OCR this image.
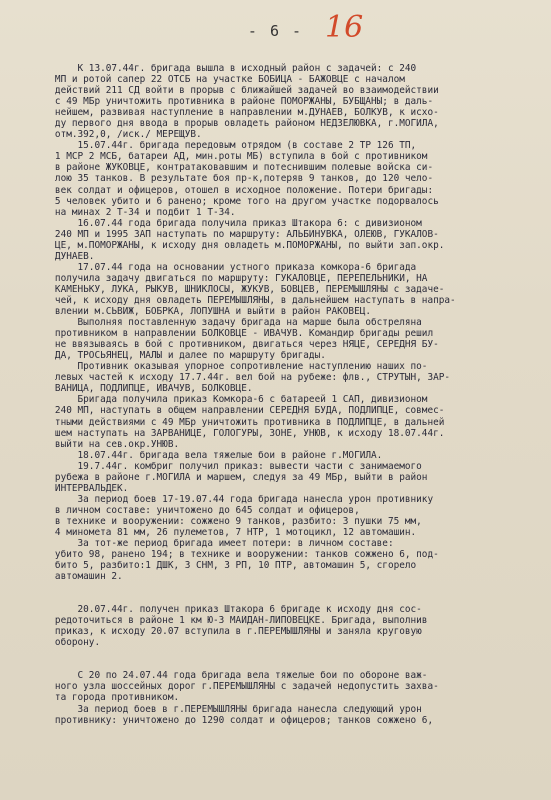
- 6 - 16
К 13.07.44г. бригада вышла в исходный район с задачей: с 240
МП и ротой сапер 22 ОТСБ на участке БОБИЦА - БАЖОВЦЕ с началом
действий 211 СД войти в прорыв с ближайшей задачей во взаимодействии
с 49 МБр уничтожить противника в районе ПОМОРЖАНЫ, БУБЩАНЫ; в даль-
нейшем, развивая наступление в направлении м.ДУНАЕВ, БОЛКУВ, к исхо-
ду первого дня ввода в прорыв овладеть районом НЕДЗЕЛЮВКА, г.МОГИЛА,
отм.392,0, /иск./ МЕРЕЩУВ.
15.07.44г. бригада передовым отрядом (в составе 2 ТР 126 ТП,
1 МСР 2 МСБ, батареи АД, мин.роты МБ) вступила в бой с противником
в районе ЖУКОВЦЕ, контратаковавшим и потеснившим полевые войска си-
лою 35 танков. В результате боя пр-к,потеряв 9 танков, до 120 чело-
век солдат и офицеров, отошел в исходное положение. Потери бригады:
5 человек убито и 6 ранено; кроме того на другом участке подорвалось
на минах 2 Т-34 и подбит 1 Т-34.
16.07.44 года бригада получила приказ Штакора 6: с дивизионом
240 МП и 1995 ЗАП наступать по маршруту: АЛЬБИНУВКА, ОЛЕЮВ, ГУКАЛОВ-
ЦЕ, м.ПОМОРЖАНЫ, к исходу дня овладеть м.ПОМОРЖАНЫ, по выйти зап.окр.
ДУНАЕВ.
17.07.44 года на основании устного приказа комкора-6 бригада
получила задачу двигаться по маршруту: ГУКАЛОВЦЕ, ПЕРЕПЕЛЬНИКИ, НА
КАМЕНЬКУ, ЛУКА, РЫКУВ, ШНИКЛОСЫ, ЖУКУВ, БОВЦЕВ, ПЕРЕМЫШЛЯНЫ с задаче-
чей, к исходу дня овладеть ПЕРЕМЫШЛЯНЫ, в дальнейшем наступать в напра-
влении м.СЬВИЖ, БОБРКА, ЛОПУШНА и выйти в район РАКОВЕЦ.
Выполняя поставленную задачу бригада на марше была обстреляна
противником в направлении БОЛКОВЦЕ - ИВАЧУВ. Командир бригады решил
не ввязываясь в бой с противником, двигаться через НЯЦЕ, СЕРЕДНЯ БУ-
ДА, ТРОСЬЯНЕЦ, МАЛЫ и далее по маршруту бригады.
Противник оказывая упорное сопротивление наступлению наших по-
левых частей к исходу 17.7.44г. вел бой на рубеже: флв., СТРУТЫН, ЗАР-
ВАНИЦА, ПОДЛИПЦЕ, ИВАЧУВ, БОЛКОВЦЕ.
Бригада получила приказ Комкора-6 с батареей 1 САП, дивизионом
240 МП, наступать в общем направлении СЕРЕДНЯ БУДА, ПОДЛИПЦЕ, совмес-
тными действиями с 49 МБр уничтожить противника в ПОДЛИПЦЕ, в дальней
шем наступать на ЗАРВАНИЦЕ, ГОЛОГУРЫ, ЗОНЕ, УНЮВ, к исходу 18.07.44г.
выйти на сев.окр.УНЮВ.
18.07.44г. бригада вела тяжелые бои в районе г.МОГИЛА.
19.7.44г. комбриг получил приказ: вывести части с занимаемого
рубежа в районе г.МОГИЛА и маршем, следуя за 49 МБр, выйти в район
ИНТЕРВАЛЬДЕК.
За период боев 17-19.07.44 года бригада нанесла урон противнику
в личном составе: уничтожено до 645 солдат и офицеров,
в технике и вооружении: сожжено 9 танков, разбито: 3 пушки 75 мм,
4 минометa 81 мм, 26 пулеметов, 7 НТР, 1 мотоцикл, 12 автомашин.
За тот-же период бригада имеет потери: в личном составе:
убито 98, ранено 194; в технике и вооружении: танков сожжено 6, под-
бито 5, разбито:1 ДШК, 3 СНМ, 3 РП, 10 ПТР, автомашин 5, сгорело
автомашин 2.
20.07.44г. получен приказ Штакора 6 бригаде к исходу дня сос-
редоточиться в районе 1 км Ю-З МАЙДАН-ЛИПОВЕЦКЕ. Бригада, выполнив
приказ, к исходу 20.07 вступила в г.ПЕРЕМЫШЛЯНЫ и заняла круговую
оборону.
С 20 по 24.07.44 года бригада вела тяжелые бои по обороне важ-
ного узла шоссейных дорог г.ПЕРЕМЫШЛЯНЫ с задачей недопустить захва-
та города противником.
За период боев в г.ПЕРЕМЫШЛЯНЫ бригада нанесла следующий урон
противнику: уничтожено до 1290 солдат и офицеров; танков сожжено 6,
